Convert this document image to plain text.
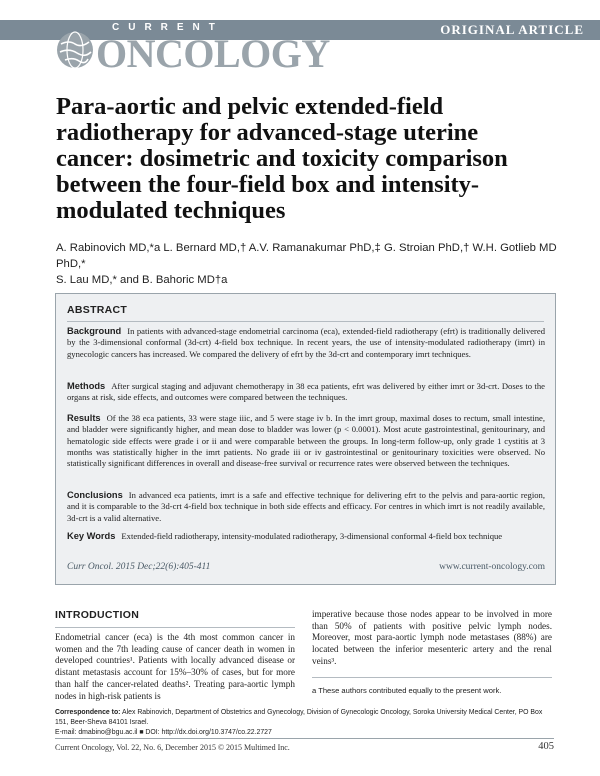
CURRENT
ONCOLOGY
ORIGINAL ARTICLE
Para-aortic and pelvic extended-field radiotherapy for advanced-stage uterine cancer: dosimetric and toxicity comparison between the four-field box and intensity-modulated techniques
A. Rabinovich MD,*a L. Bernard MD,† A.V. Ramanakumar PhD,‡ G. Stroian PhD,† W.H. Gotlieb MD PhD,*
S. Lau MD,* and B. Bahoric MD†a
ABSTRACT
Background In patients with advanced-stage endometrial carcinoma (eca), extended-field radiotherapy (efrt) is traditionally delivered by the 3-dimensional conformal (3d-crt) 4-field box technique. In recent years, the use of intensity-modulated radiotherapy (imrt) in gynecologic cancers has increased. We compared the delivery of efrt by the 3d-crt and contemporary imrt techniques.
Methods After surgical staging and adjuvant chemotherapy in 38 eca patients, efrt was delivered by either imrt or 3d-crt. Doses to the organs at risk, side effects, and outcomes were compared between the techniques.
Results Of the 38 eca patients, 33 were stage iiic, and 5 were stage iv b. In the imrt group, maximal doses to rectum, small intestine, and bladder were significantly higher, and mean dose to bladder was lower (p < 0.0001). Most acute gastrointestinal, genitourinary, and hematologic side effects were grade i or ii and were comparable between the groups. In long-term follow-up, only grade 1 cystitis at 3 months was statistically higher in the imrt patients. No grade iii or iv gastrointestinal or genitourinary toxicities were observed. No statistically significant differences in overall and disease-free survival or recurrence rates were observed between the techniques.
Conclusions In advanced eca patients, imrt is a safe and effective technique for delivering efrt to the pelvis and para-aortic region, and it is comparable to the 3d-crt 4-field box technique in both side effects and efficacy. For centres in which imrt is not readily available, 3d-crt is a valid alternative.
Key Words Extended-field radiotherapy, intensity-modulated radiotherapy, 3-dimensional conformal 4-field box technique
Curr Oncol. 2015 Dec;22(6):405-411	www.current-oncology.com
INTRODUCTION
Endometrial cancer (eca) is the 4th most common cancer in women and the 7th leading cause of cancer death in women in developed countries¹. Patients with locally advanced disease or distant metastasis account for 15%–30% of cases, but for more than half the cancer-related deaths². Treating para-aortic lymph nodes in high-risk patients is
imperative because those nodes appear to be involved in more than 50% of patients with positive pelvic lymph nodes. Moreover, most para-aortic lymph node metastases (88%) are located between the inferior mesenteric artery and the renal veins³.
a These authors contributed equally to the present work.
Correspondence to: Alex Rabinovich, Department of Obstetrics and Gynecology, Division of Gynecologic Oncology, Soroka University Medical Center, PO Box 151, Beer-Sheva 84101 Israel.
E-mail: dmabino@bgu.ac.il ■ DOI: http://dx.doi.org/10.3747/co.22.2727
Current Oncology, Vol. 22, No. 6, December 2015 © 2015 Multimed Inc.	405
